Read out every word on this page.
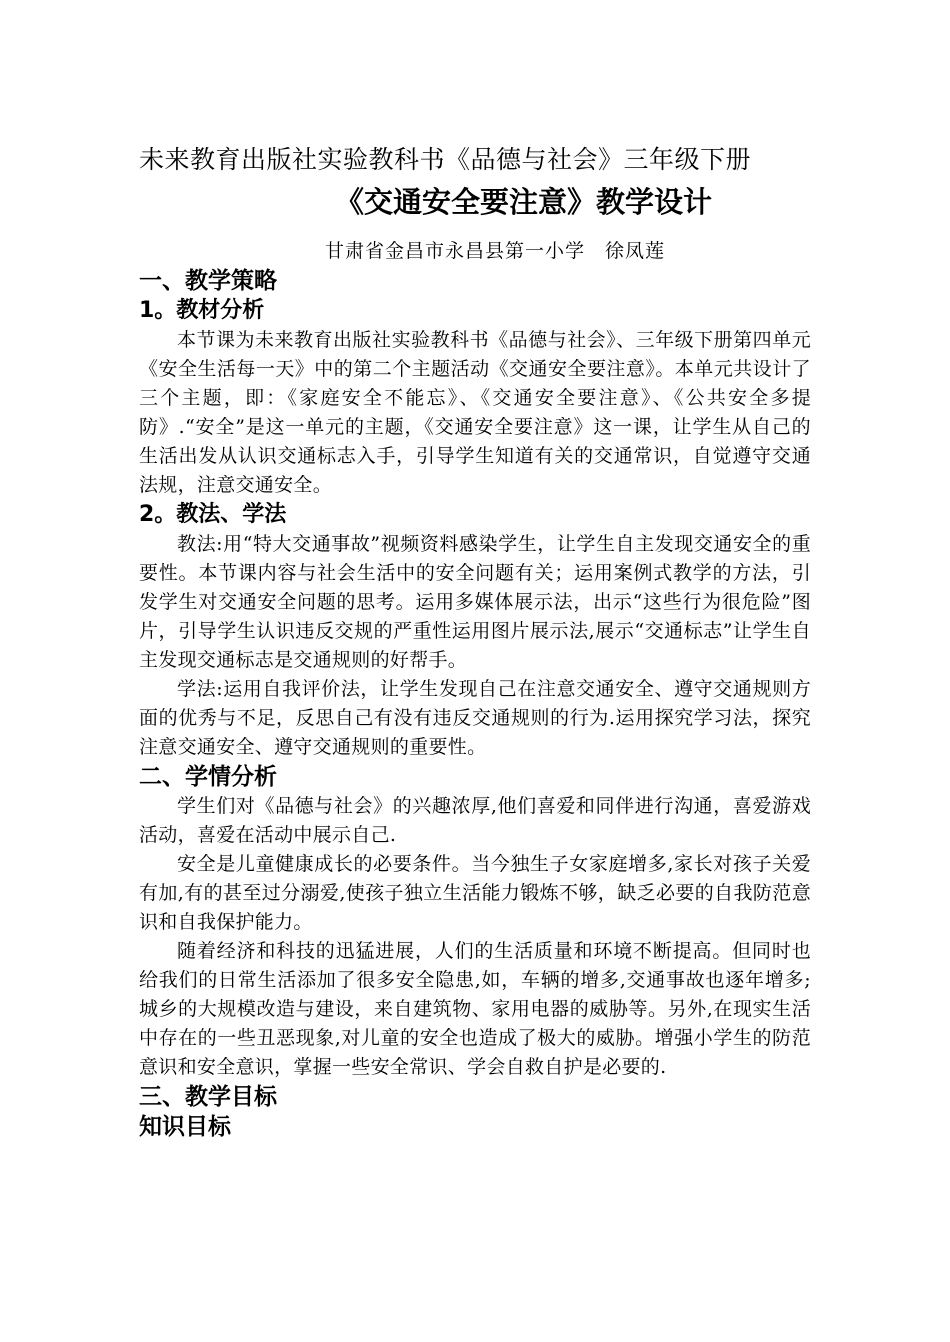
未来教育出版社实验教科书《品德与社会》三年级下册
《交通安全要注意》教学设计
甘肃省金昌市永昌县第一小学　徐凤莲
一、教学策略
1。教材分析

本节课为未来教育出版社实验教科书《品德与社会》、三年级下册第四单元《安全生活每一天》中的第二个主题活动《交通安全要注意》。本单元共设计了三个主题，即：《家庭安全不能忘》、《交通安全要注意》、《公共安全多提防》.“安全”是这一单元的主题，《交通安全要注意》这一课，让学生从自己的生活出发从认识交通标志入手，引导学生知道有关的交通常识，自觉遵守交通法规，注意交通安全。

2。教法、学法

教法:用“特大交通事故”视频资料感染学生，让学生自主发现交通安全的重要性。本节课内容与社会生活中的安全问题有关；运用案例式教学的方法，引发学生对交通安全问题的思考。运用多媒体展示法，出示“这些行为很危险”图片，引导学生认识违反交规的严重性运用图片展示法,展示“交通标志”让学生自主发现交通标志是交通规则的好帮手。

学法:运用自我评价法，让学生发现自己在注意交通安全、遵守交通规则方面的优秀与不足，反思自己有没有违反交通规则的行为.运用探究学习法，探究注意交通安全、遵守交通规则的重要性。

二、学情分析

学生们对《品德与社会》的兴趣浓厚,他们喜爱和同伴进行沟通，喜爱游戏活动，喜爱在活动中展示自己.

安全是儿童健康成长的必要条件。当今独生子女家庭增多,家长对孩子关爱有加,有的甚至过分溺爱,使孩子独立生活能力锻炼不够，缺乏必要的自我防范意识和自我保护能力。

随着经济和科技的迅猛进展，人们的生活质量和环境不断提高。但同时也给我们的日常生活添加了很多安全隐患,如，车辆的增多,交通事故也逐年增多;城乡的大规模改造与建设，来自建筑物、家用电器的威胁等。另外,在现实生活中存在的一些丑恶现象,对儿童的安全也造成了极大的威胁。增强小学生的防范意识和安全意识，掌握一些安全常识、学会自救自护是必要的.

三、教学目标
知识目标
